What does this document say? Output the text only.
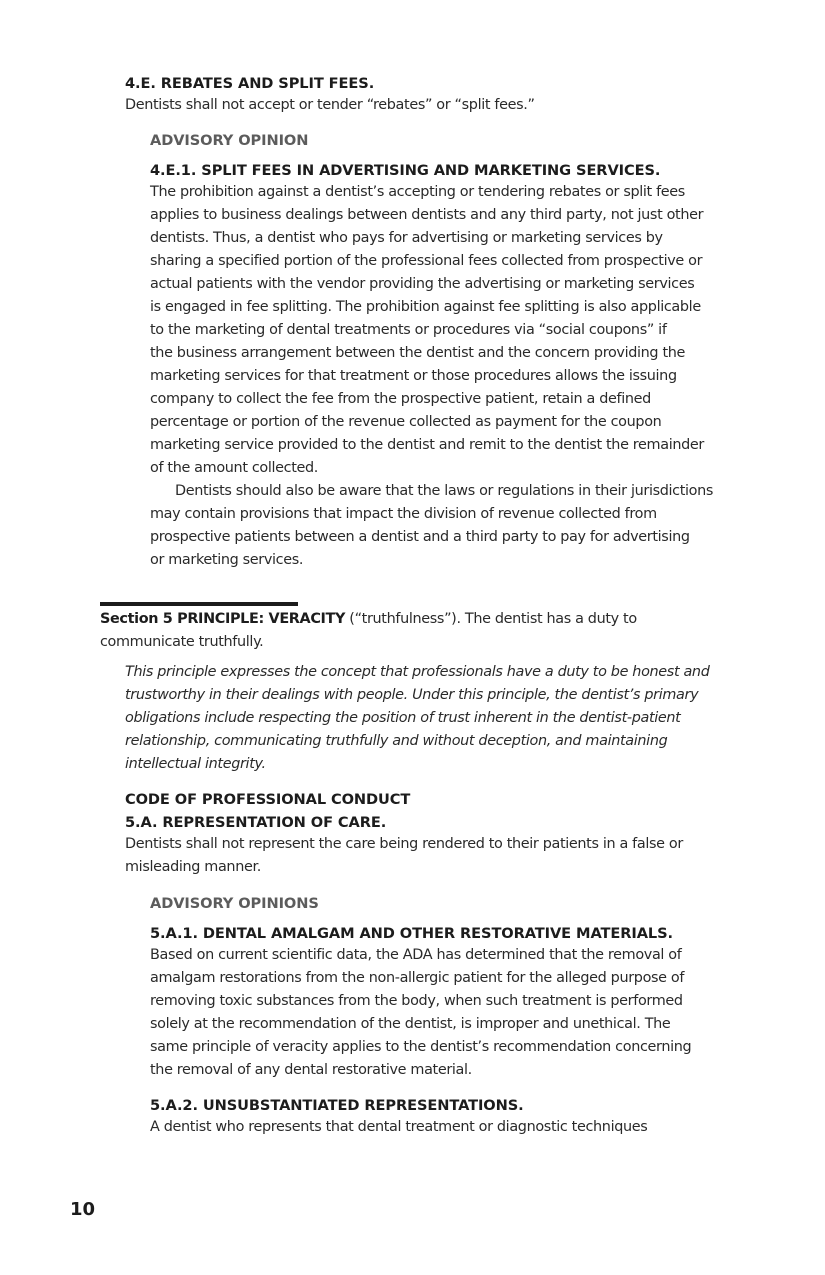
4.E. REBATES AND SPLIT FEES.
Dentists shall not accept or tender “rebates” or “split fees.”
ADVISORY OPINION
4.E.1. SPLIT FEES IN ADVERTISING AND MARKETING SERVICES.
The prohibition against a dentist’s accepting or tendering rebates or split fees
applies to business dealings between dentists and any third party, not just other
dentists. Thus, a dentist who pays for advertising or marketing services by
sharing a specified portion of the professional fees collected from prospective or
actual patients with the vendor providing the advertising or marketing services
is engaged in fee splitting. The prohibition against fee splitting is also applicable
to the marketing of dental treatments or procedures via “social coupons” if
the business arrangement between the dentist and the concern providing the
marketing services for that treatment or those procedures allows the issuing
company to collect the fee from the prospective patient, retain a defined
percentage or portion of the revenue collected as payment for the coupon
marketing service provided to the dentist and remit to the dentist the remainder
of the amount collected.
Dentists should also be aware that the laws or regulations in their jurisdictions
may contain provisions that impact the division of revenue collected from
prospective patients between a dentist and a third party to pay for advertising
or marketing services.
Section 5 PRINCIPLE: VERACITY (“truthfulness”). The dentist has a duty to
communicate truthfully.
This principle expresses the concept that professionals have a duty to be honest and
trustworthy in their dealings with people. Under this principle, the dentist’s primary
obligations include respecting the position of trust inherent in the dentist-patient
relationship, communicating truthfully and without deception, and maintaining
intellectual integrity.
CODE OF PROFESSIONAL CONDUCT
5.A. REPRESENTATION OF CARE.
Dentists shall not represent the care being rendered to their patients in a false or
misleading manner.
ADVISORY OPINIONS
5.A.1. DENTAL AMALGAM AND OTHER RESTORATIVE MATERIALS.
Based on current scientific data, the ADA has determined that the removal of
amalgam restorations from the non-allergic patient for the alleged purpose of
removing toxic substances from the body, when such treatment is performed
solely at the recommendation of the dentist, is improper and unethical. The
same principle of veracity applies to the dentist’s recommendation concerning
the removal of any dental restorative material.
5.A.2. UNSUBSTANTIATED REPRESENTATIONS.
A dentist who represents that dental treatment or diagnostic techniques
10
